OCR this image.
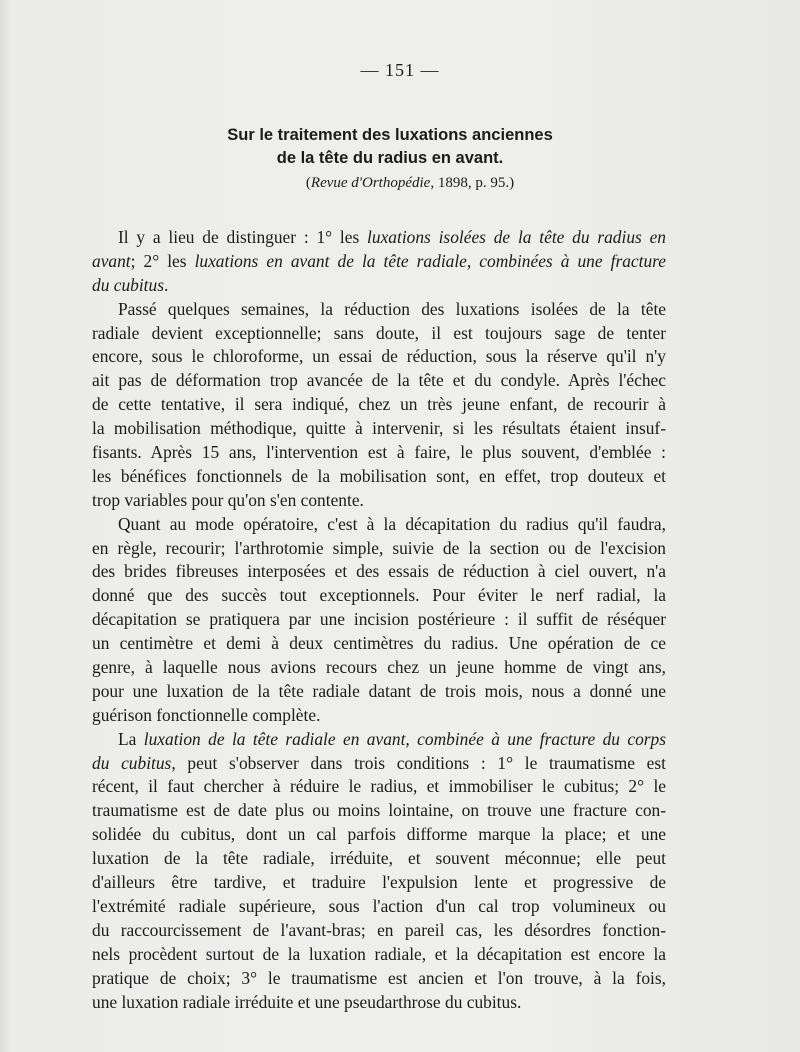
— 151 —
Sur le traitement des luxations anciennes
de la tête du radius en avant.
(Revue d'Orthopédie, 1898, p. 95.)
Il y a lieu de distinguer : 1° les luxations isolées de la tête du radius en
avant; 2° les luxations en avant de la tête radiale, combinées à une fracture
du cubitus.
Passé quelques semaines, la réduction des luxations isolées de la tête
radiale devient exceptionnelle; sans doute, il est toujours sage de tenter
encore, sous le chloroforme, un essai de réduction, sous la réserve qu'il n'y
ait pas de déformation trop avancée de la tête et du condyle. Après l'échec
de cette tentative, il sera indiqué, chez un très jeune enfant, de recourir à
la mobilisation méthodique, quitte à intervenir, si les résultats étaient insuf-
fisants. Après 15 ans, l'intervention est à faire, le plus souvent, d'emblée :
les bénéfices fonctionnels de la mobilisation sont, en effet, trop douteux et
trop variables pour qu'on s'en contente.
Quant au mode opératoire, c'est à la décapitation du radius qu'il faudra,
en règle, recourir; l'arthrotomie simple, suivie de la section ou de l'excision
des brides fibreuses interposées et des essais de réduction à ciel ouvert, n'a
donné que des succès tout exceptionnels. Pour éviter le nerf radial, la
décapitation se pratiquera par une incision postérieure : il suffit de réséquer
un centimètre et demi à deux centimètres du radius. Une opération de ce
genre, à laquelle nous avions recours chez un jeune homme de vingt ans,
pour une luxation de la tête radiale datant de trois mois, nous a donné une
guérison fonctionnelle complète.
La luxation de la tête radiale en avant, combinée à une fracture du corps
du cubitus, peut s'observer dans trois conditions : 1° le traumatisme est
récent, il faut chercher à réduire le radius, et immobiliser le cubitus; 2° le
traumatisme est de date plus ou moins lointaine, on trouve une fracture con-
solidée du cubitus, dont un cal parfois difforme marque la place; et une
luxation de la tête radiale, irréduite, et souvent méconnue; elle peut
d'ailleurs être tardive, et traduire l'expulsion lente et progressive de
l'extrémité radiale supérieure, sous l'action d'un cal trop volumineux ou
du raccourcissement de l'avant-bras; en pareil cas, les désordres fonction-
nels procèdent surtout de la luxation radiale, et la décapitation est encore la
pratique de choix; 3° le traumatisme est ancien et l'on trouve, à la fois,
une luxation radiale irréduite et une pseudarthrose du cubitus.
